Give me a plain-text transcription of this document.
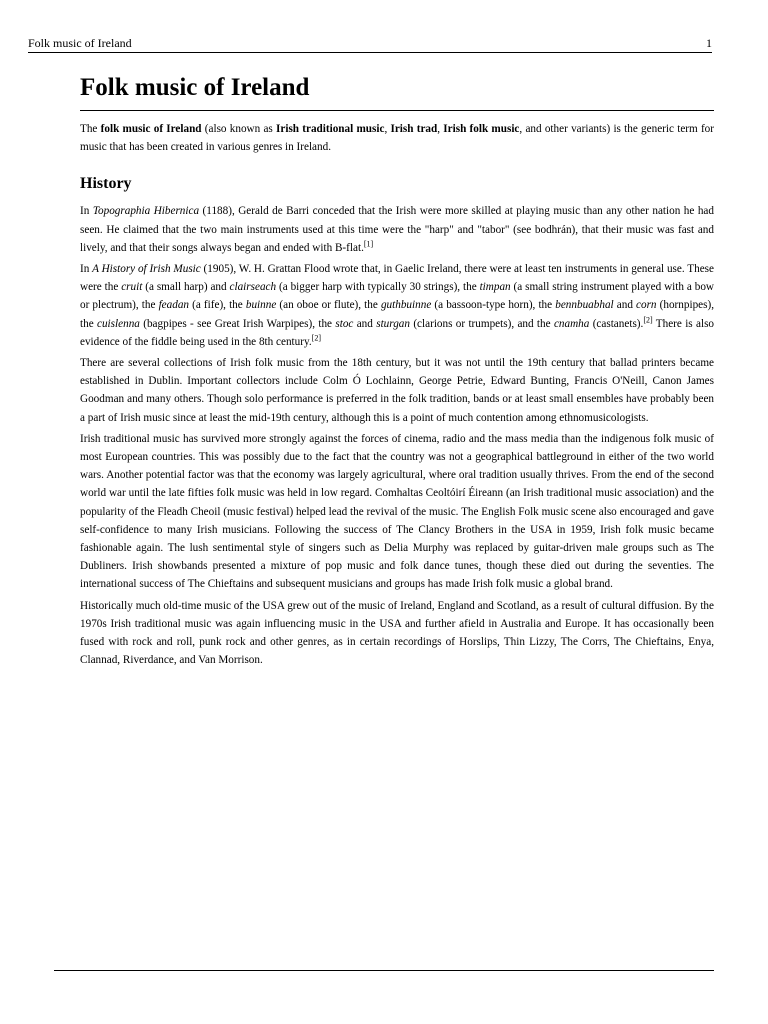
Folk music of Ireland	1
Folk music of Ireland

The folk music of Ireland (also known as Irish traditional music, Irish trad, Irish folk music, and other variants) is the generic term for music that has been created in various genres in Ireland.

History

In Topographia Hibernica (1188), Gerald de Barri conceded that the Irish were more skilled at playing music than any other nation he had seen. He claimed that the two main instruments used at this time were the "harp" and "tabor" (see bodhrán), that their music was fast and lively, and that their songs always began and ended with B-flat.[1]

In A History of Irish Music (1905), W. H. Grattan Flood wrote that, in Gaelic Ireland, there were at least ten instruments in general use. These were the cruit (a small harp) and clairseach (a bigger harp with typically 30 strings), the timpan (a small string instrument played with a bow or plectrum), the feadan (a fife), the buinne (an oboe or flute), the guthbuinne (a bassoon-type horn), the bennbuabhal and corn (hornpipes), the cuislenna (bagpipes - see Great Irish Warpipes), the stoc and sturgan (clarions or trumpets), and the cnamha (castanets).[2] There is also evidence of the fiddle being used in the 8th century.[2]

There are several collections of Irish folk music from the 18th century, but it was not until the 19th century that ballad printers became established in Dublin. Important collectors include Colm Ó Lochlainn, George Petrie, Edward Bunting, Francis O'Neill, Canon James Goodman and many others. Though solo performance is preferred in the folk tradition, bands or at least small ensembles have probably been a part of Irish music since at least the mid-19th century, although this is a point of much contention among ethnomusicologists.

Irish traditional music has survived more strongly against the forces of cinema, radio and the mass media than the indigenous folk music of most European countries. This was possibly due to the fact that the country was not a geographical battleground in either of the two world wars. Another potential factor was that the economy was largely agricultural, where oral tradition usually thrives. From the end of the second world war until the late fifties folk music was held in low regard. Comhaltas Ceoltóirí Éireann (an Irish traditional music association) and the popularity of the Fleadh Cheoil (music festival) helped lead the revival of the music. The English Folk music scene also encouraged and gave self-confidence to many Irish musicians. Following the success of The Clancy Brothers in the USA in 1959, Irish folk music became fashionable again. The lush sentimental style of singers such as Delia Murphy was replaced by guitar-driven male groups such as The Dubliners. Irish showbands presented a mixture of pop music and folk dance tunes, though these died out during the seventies. The international success of The Chieftains and subsequent musicians and groups has made Irish folk music a global brand.

Historically much old-time music of the USA grew out of the music of Ireland, England and Scotland, as a result of cultural diffusion. By the 1970s Irish traditional music was again influencing music in the USA and further afield in Australia and Europe. It has occasionally been fused with rock and roll, punk rock and other genres, as in certain recordings of Horslips, Thin Lizzy, The Corrs, The Chieftains, Enya, Clannad, Riverdance, and Van Morrison.
